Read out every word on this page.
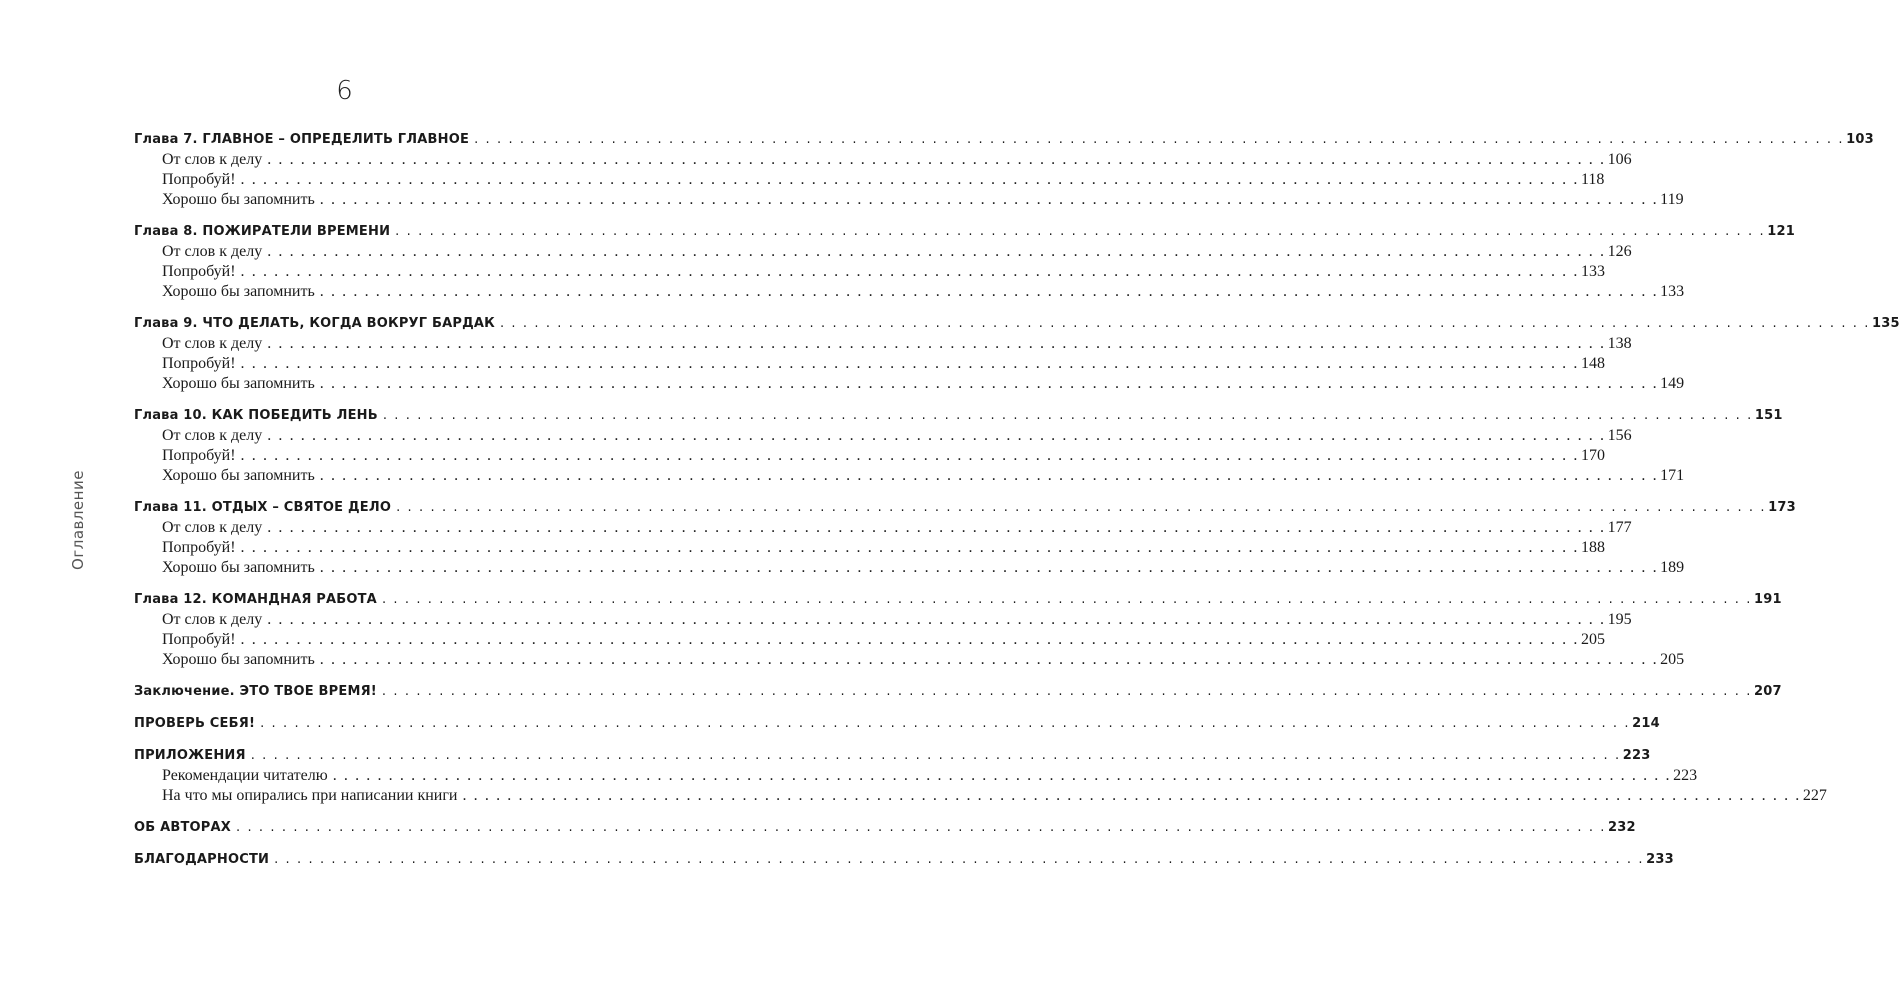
6
Оглавление
Глава 7. ГЛАВНОЕ – ОПРЕДЕЛИТЬ ГЛАВНОЕ . . . . . . . . . . . . . . . . . . . . . . . . . . . . . . . . . . . . . . . . . . . . . . . . . . . . . . . . . . . . . . . . . . . . . . . . . . . . . . . . . . . . . . . . . . . . . . . . . . . . . . . . . . . . . . . . . . . . . . . . 103
От слов к делу . . . . . . . . . . . . . . . . . . . . . . . . . . . . . . . . . . . . . . . . . . . . . . . . . . . . . . . . . . . . . . . . . . . . . . . . . . . . . . . . . . . . . . . . . . . . . . . . . . . . . . . . . . . . . . . . . . . . . . . . 106
Попробуй! . . . . . . . . . . . . . . . . . . . . . . . . . . . . . . . . . . . . . . . . . . . . . . . . . . . . . . . . . . . . . . . . . . . . . . . . . . . . . . . . . . . . . . . . . . . . . . . . . . . . . . . . . . . . . . . . . . . . . . . . 118
Хорошо бы запомнить . . . . . . . . . . . . . . . . . . . . . . . . . . . . . . . . . . . . . . . . . . . . . . . . . . . . . . . . . . . . . . . . . . . . . . . . . . . . . . . . . . . . . . . . . . . . . . . . . . . . . . . . . . . . . . . . . . . . . . . . 119
Глава 8. ПОЖИРАТЕЛИ ВРЕМЕНИ . . . . . . . . . . . . . . . . . . . . . . . . . . . . . . . . . . . . . . . . . . . . . . . . . . . . . . . . . . . . . . . . . . . . . . . . . . . . . . . . . . . . . . . . . . . . . . . . . . . . . . . . . . . . . . . . . . . . . . . . 121
От слов к делу . . . . . . . . . . . . . . . . . . . . . . . . . . . . . . . . . . . . . . . . . . . . . . . . . . . . . . . . . . . . . . . . . . . . . . . . . . . . . . . . . . . . . . . . . . . . . . . . . . . . . . . . . . . . . . . . . . . . . . . . 126
Попробуй! . . . . . . . . . . . . . . . . . . . . . . . . . . . . . . . . . . . . . . . . . . . . . . . . . . . . . . . . . . . . . . . . . . . . . . . . . . . . . . . . . . . . . . . . . . . . . . . . . . . . . . . . . . . . . . . . . . . . . . . . 133
Хорошо бы запомнить . . . . . . . . . . . . . . . . . . . . . . . . . . . . . . . . . . . . . . . . . . . . . . . . . . . . . . . . . . . . . . . . . . . . . . . . . . . . . . . . . . . . . . . . . . . . . . . . . . . . . . . . . . . . . . . . . . . . . . . . 133
Глава 9. ЧТО ДЕЛАТЬ, КОГДА ВОКРУГ БАРДАК . . . . . . . . . . . . . . . . . . . . . . . . . . . . . . . . . . . . . . . . . . . . . . . . . . . . . . . . . . . . . . . . . . . . . . . . . . . . . . . . . . . . . . . . . . . . . . . . . . . . . . . . . . . . . . . . . . . . . . . . 135
От слов к делу . . . . . . . . . . . . . . . . . . . . . . . . . . . . . . . . . . . . . . . . . . . . . . . . . . . . . . . . . . . . . . . . . . . . . . . . . . . . . . . . . . . . . . . . . . . . . . . . . . . . . . . . . . . . . . . . . . . . . . . . 138
Попробуй! . . . . . . . . . . . . . . . . . . . . . . . . . . . . . . . . . . . . . . . . . . . . . . . . . . . . . . . . . . . . . . . . . . . . . . . . . . . . . . . . . . . . . . . . . . . . . . . . . . . . . . . . . . . . . . . . . . . . . . . . 148
Хорошо бы запомнить . . . . . . . . . . . . . . . . . . . . . . . . . . . . . . . . . . . . . . . . . . . . . . . . . . . . . . . . . . . . . . . . . . . . . . . . . . . . . . . . . . . . . . . . . . . . . . . . . . . . . . . . . . . . . . . . . . . . . . . . 149
Глава 10. КАК ПОБЕДИТЬ ЛЕНЬ . . . . . . . . . . . . . . . . . . . . . . . . . . . . . . . . . . . . . . . . . . . . . . . . . . . . . . . . . . . . . . . . . . . . . . . . . . . . . . . . . . . . . . . . . . . . . . . . . . . . . . . . . . . . . . . . . . . . . . . . 151
От слов к делу . . . . . . . . . . . . . . . . . . . . . . . . . . . . . . . . . . . . . . . . . . . . . . . . . . . . . . . . . . . . . . . . . . . . . . . . . . . . . . . . . . . . . . . . . . . . . . . . . . . . . . . . . . . . . . . . . . . . . . . . 156
Попробуй! . . . . . . . . . . . . . . . . . . . . . . . . . . . . . . . . . . . . . . . . . . . . . . . . . . . . . . . . . . . . . . . . . . . . . . . . . . . . . . . . . . . . . . . . . . . . . . . . . . . . . . . . . . . . . . . . . . . . . . . . 170
Хорошо бы запомнить . . . . . . . . . . . . . . . . . . . . . . . . . . . . . . . . . . . . . . . . . . . . . . . . . . . . . . . . . . . . . . . . . . . . . . . . . . . . . . . . . . . . . . . . . . . . . . . . . . . . . . . . . . . . . . . . . . . . . . . . 171
Глава 11. ОТДЫХ – СВЯТОЕ ДЕЛО . . . . . . . . . . . . . . . . . . . . . . . . . . . . . . . . . . . . . . . . . . . . . . . . . . . . . . . . . . . . . . . . . . . . . . . . . . . . . . . . . . . . . . . . . . . . . . . . . . . . . . . . . . . . . . . . . . . . . . . . 173
От слов к делу . . . . . . . . . . . . . . . . . . . . . . . . . . . . . . . . . . . . . . . . . . . . . . . . . . . . . . . . . . . . . . . . . . . . . . . . . . . . . . . . . . . . . . . . . . . . . . . . . . . . . . . . . . . . . . . . . . . . . . . . 177
Попробуй! . . . . . . . . . . . . . . . . . . . . . . . . . . . . . . . . . . . . . . . . . . . . . . . . . . . . . . . . . . . . . . . . . . . . . . . . . . . . . . . . . . . . . . . . . . . . . . . . . . . . . . . . . . . . . . . . . . . . . . . . 188
Хорошо бы запомнить . . . . . . . . . . . . . . . . . . . . . . . . . . . . . . . . . . . . . . . . . . . . . . . . . . . . . . . . . . . . . . . . . . . . . . . . . . . . . . . . . . . . . . . . . . . . . . . . . . . . . . . . . . . . . . . . . . . . . . . . 189
Глава 12. КОМАНДНАЯ РАБОТА . . . . . . . . . . . . . . . . . . . . . . . . . . . . . . . . . . . . . . . . . . . . . . . . . . . . . . . . . . . . . . . . . . . . . . . . . . . . . . . . . . . . . . . . . . . . . . . . . . . . . . . . . . . . . . . . . . . . . . . . 191
От слов к делу . . . . . . . . . . . . . . . . . . . . . . . . . . . . . . . . . . . . . . . . . . . . . . . . . . . . . . . . . . . . . . . . . . . . . . . . . . . . . . . . . . . . . . . . . . . . . . . . . . . . . . . . . . . . . . . . . . . . . . . . 195
Попробуй! . . . . . . . . . . . . . . . . . . . . . . . . . . . . . . . . . . . . . . . . . . . . . . . . . . . . . . . . . . . . . . . . . . . . . . . . . . . . . . . . . . . . . . . . . . . . . . . . . . . . . . . . . . . . . . . . . . . . . . . . 205
Хорошо бы запомнить . . . . . . . . . . . . . . . . . . . . . . . . . . . . . . . . . . . . . . . . . . . . . . . . . . . . . . . . . . . . . . . . . . . . . . . . . . . . . . . . . . . . . . . . . . . . . . . . . . . . . . . . . . . . . . . . . . . . . . . . 205
Заключение. ЭТО ТВОЕ ВРЕМЯ! . . . . . . . . . . . . . . . . . . . . . . . . . . . . . . . . . . . . . . . . . . . . . . . . . . . . . . . . . . . . . . . . . . . . . . . . . . . . . . . . . . . . . . . . . . . . . . . . . . . . . . . . . . . . . . . . . . . . . . . . 207
ПРОВЕРЬ СЕБЯ! . . . . . . . . . . . . . . . . . . . . . . . . . . . . . . . . . . . . . . . . . . . . . . . . . . . . . . . . . . . . . . . . . . . . . . . . . . . . . . . . . . . . . . . . . . . . . . . . . . . . . . . . . . . . . . . . . . . . . . . . 214
ПРИЛОЖЕНИЯ . . . . . . . . . . . . . . . . . . . . . . . . . . . . . . . . . . . . . . . . . . . . . . . . . . . . . . . . . . . . . . . . . . . . . . . . . . . . . . . . . . . . . . . . . . . . . . . . . . . . . . . . . . . . . . . . . . . . . . . . 223
Рекомендации читателю . . . . . . . . . . . . . . . . . . . . . . . . . . . . . . . . . . . . . . . . . . . . . . . . . . . . . . . . . . . . . . . . . . . . . . . . . . . . . . . . . . . . . . . . . . . . . . . . . . . . . . . . . . . . . . . . . . . . . . . . 223
На что мы опирались при написании книги . . . . . . . . . . . . . . . . . . . . . . . . . . . . . . . . . . . . . . . . . . . . . . . . . . . . . . . . . . . . . . . . . . . . . . . . . . . . . . . . . . . . . . . . . . . . . . . . . . . . . . . . . . . . . . . . . . . . . . . . 227
ОБ АВТОРАХ . . . . . . . . . . . . . . . . . . . . . . . . . . . . . . . . . . . . . . . . . . . . . . . . . . . . . . . . . . . . . . . . . . . . . . . . . . . . . . . . . . . . . . . . . . . . . . . . . . . . . . . . . . . . . . . . . . . . . . . . 232
БЛАГОДАРНОСТИ . . . . . . . . . . . . . . . . . . . . . . . . . . . . . . . . . . . . . . . . . . . . . . . . . . . . . . . . . . . . . . . . . . . . . . . . . . . . . . . . . . . . . . . . . . . . . . . . . . . . . . . . . . . . . . . . . . . . . . . . 233
